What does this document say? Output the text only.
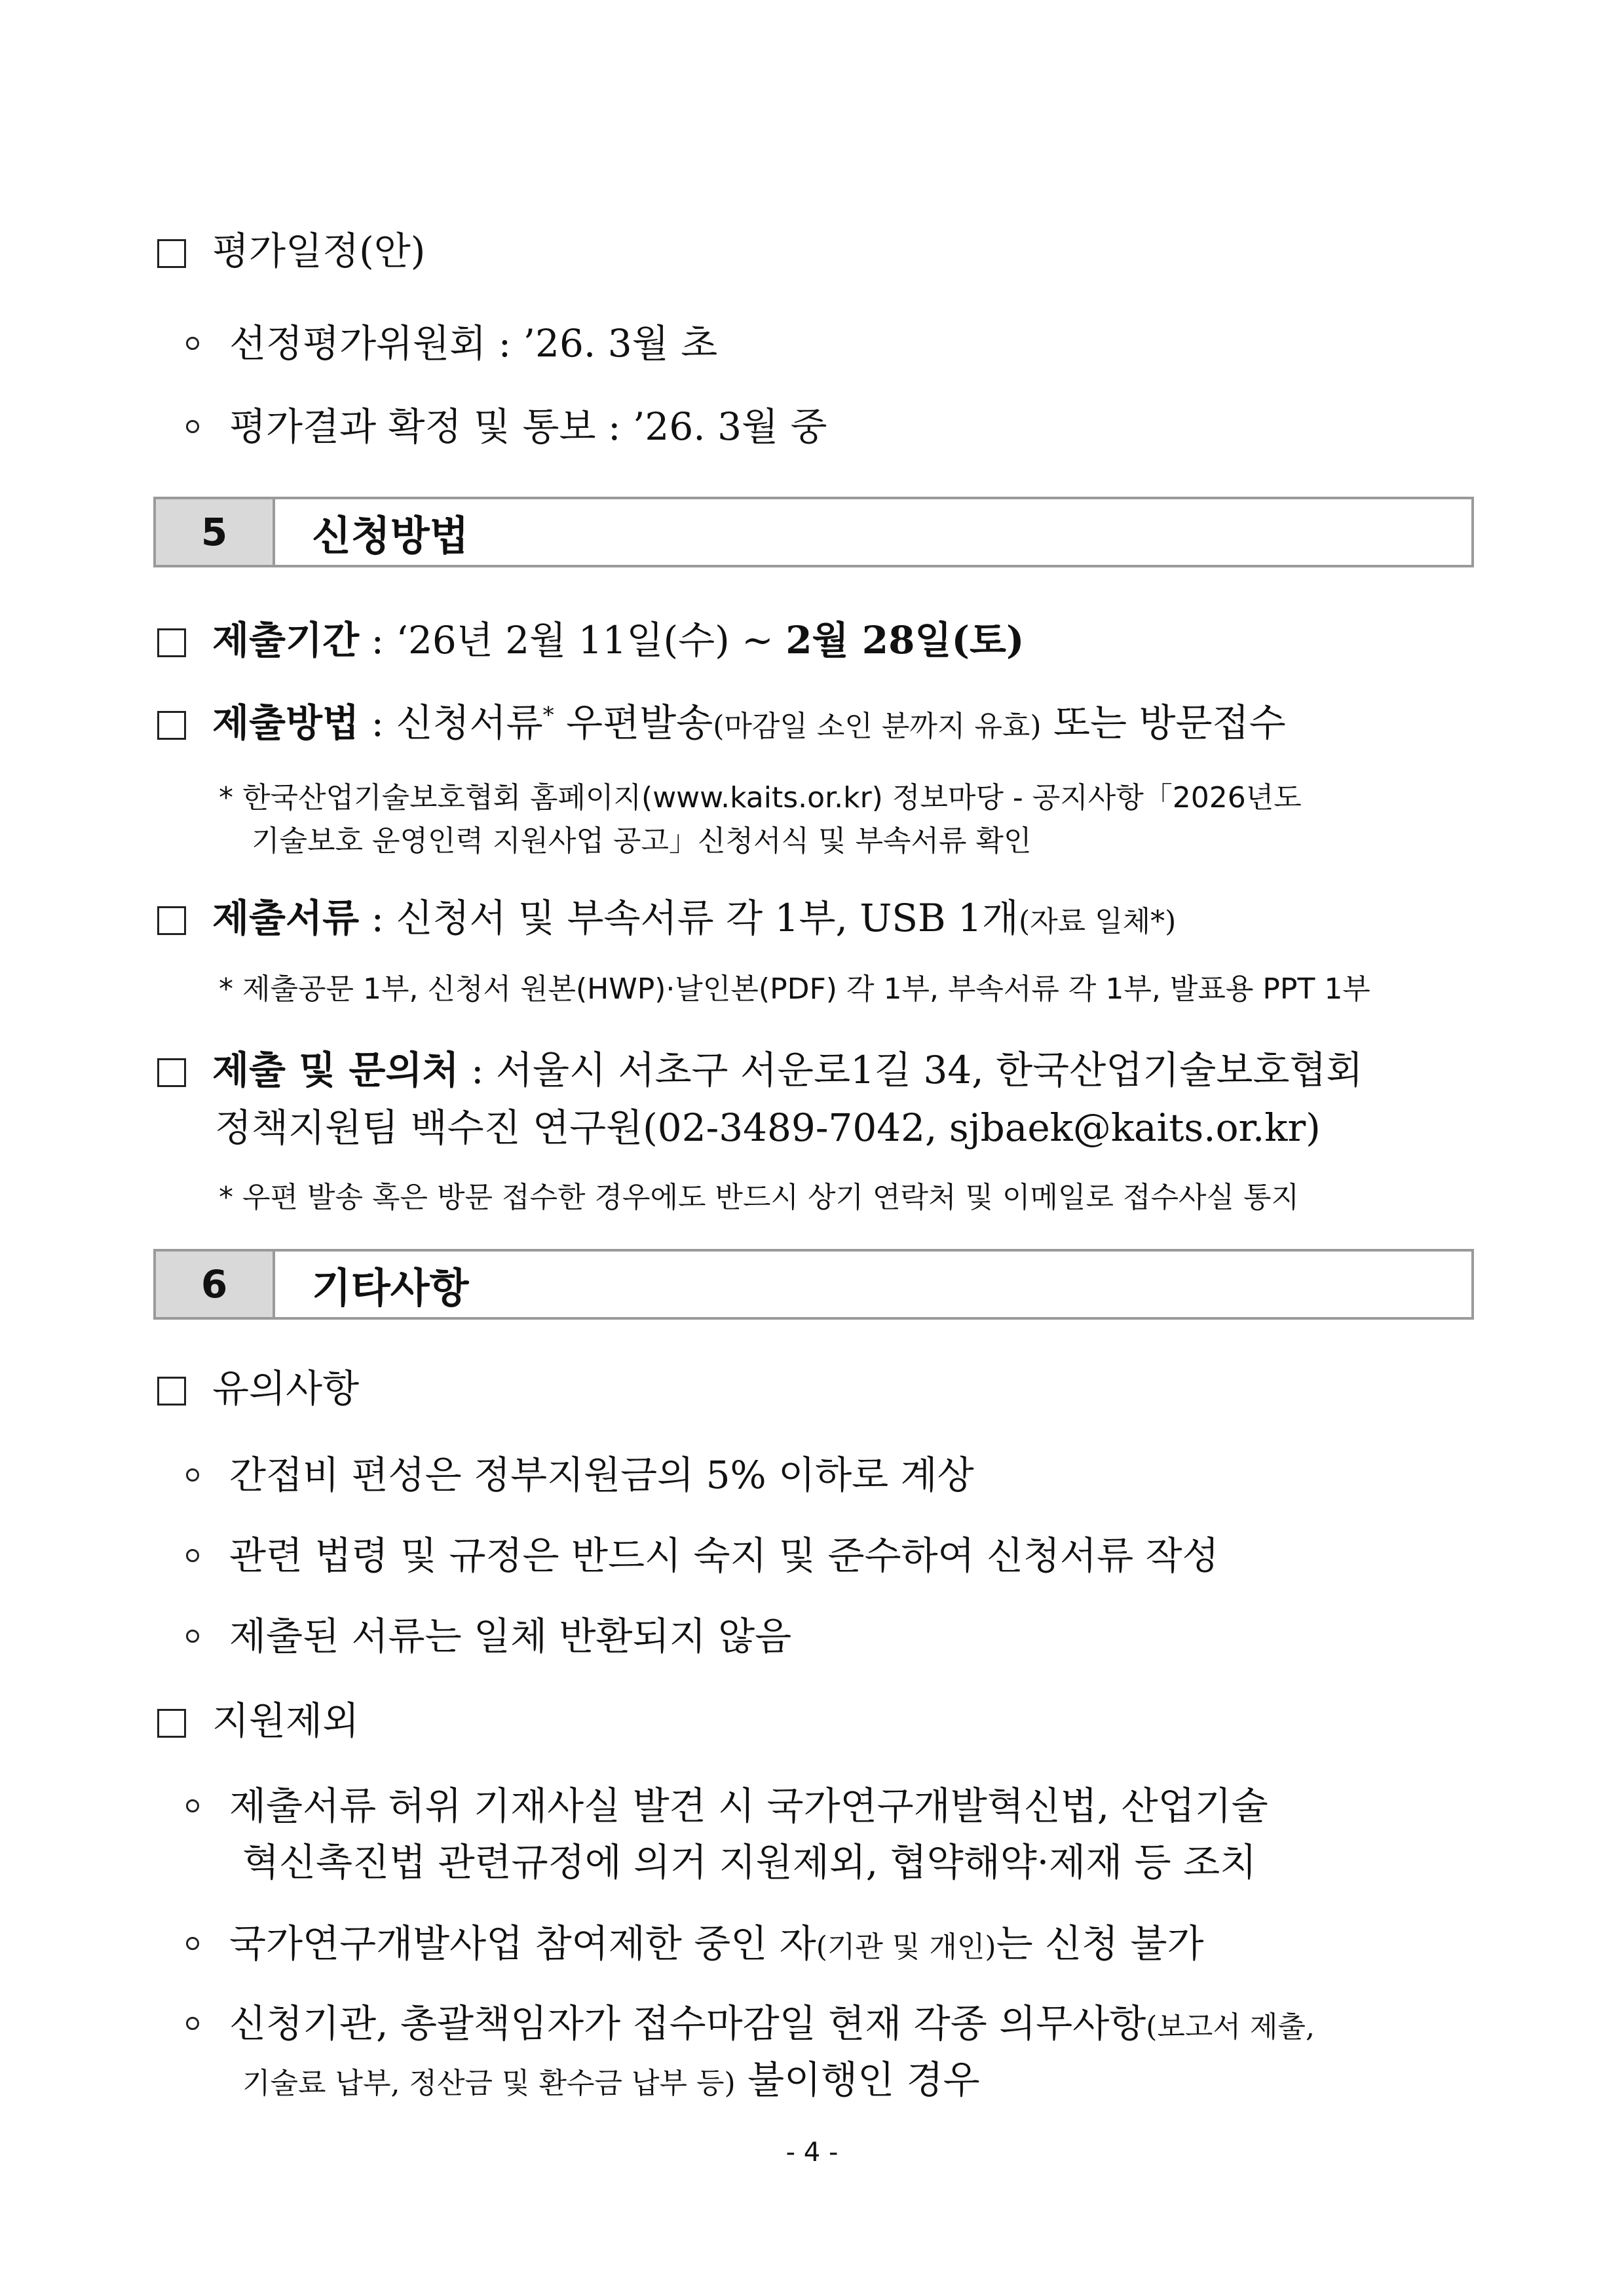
평가일정(안)
선정평가위원회 : ’26. 3월 초
평가결과 확정 및 통보 : ’26. 3월 중
5	신청방법
제출기간 : ‘26년 2월 11일(수) ~ 2월 28일(토)
제출방법 : 신청서류* 우편발송(마감일 소인 분까지 유효) 또는 방문접수
* 한국산업기술보호협회 홈페이지(www.kaits.or.kr) 정보마당 - 공지사항「2026년도
기술보호 운영인력 지원사업 공고」신청서식 및 부속서류 확인
제출서류 : 신청서 및 부속서류 각 1부, USB 1개(자료 일체*)
* 제출공문 1부, 신청서 원본(HWP)·날인본(PDF) 각 1부, 부속서류 각 1부, 발표용 PPT 1부
제출 및 문의처 : 서울시 서초구 서운로1길 34, 한국산업기술보호협회
정책지원팀 백수진 연구원(02-3489-7042, sjbaek@kaits.or.kr)
* 우편 발송 혹은 방문 접수한 경우에도 반드시 상기 연락처 및 이메일로 접수사실 통지
6	기타사항
유의사항
간접비 편성은 정부지원금의 5% 이하로 계상
관련 법령 및 규정은 반드시 숙지 및 준수하여 신청서류 작성
제출된 서류는 일체 반환되지 않음
지원제외
제출서류 허위 기재사실 발견 시 국가연구개발혁신법, 산업기술
혁신촉진법 관련규정에 의거 지원제외, 협약해약·제재 등 조치
국가연구개발사업 참여제한 중인 자(기관 및 개인)는 신청 불가
신청기관, 총괄책임자가 접수마감일 현재 각종 의무사항(보고서 제출,
기술료 납부, 정산금 및 환수금 납부 등) 불이행인 경우
- 4 -
